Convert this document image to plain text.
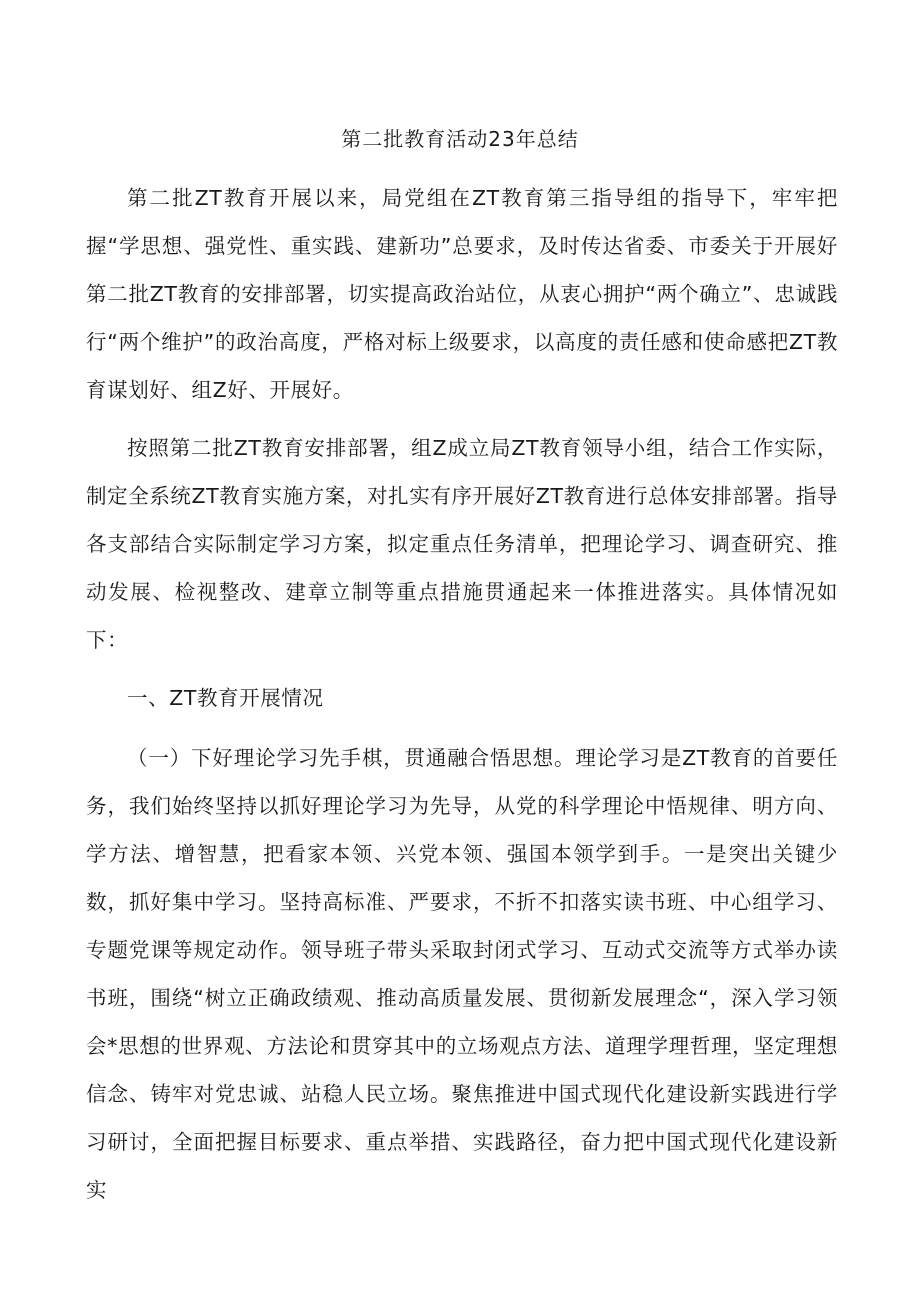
第二批教育活动23年总结

第二批ZT教育开展以来，局党组在ZT教育第三指导组的指导下，牢牢把握“学思想、强党性、重实践、建新功”总要求，及时传达省委、市委关于开展好第二批ZT教育的安排部署，切实提高政治站位，从衷心拥护“两个确立”、忠诚践行“两个维护”的政治高度，严格对标上级要求，以高度的责任感和使命感把ZT教育谋划好、组Z好、开展好。

按照第二批ZT教育安排部署，组Z成立局ZT教育领导小组，结合工作实际，制定全系统ZT教育实施方案，对扎实有序开展好ZT教育进行总体安排部署。指导各支部结合实际制定学习方案，拟定重点任务清单，把理论学习、调查研究、推动发展、检视整改、建章立制等重点措施贯通起来一体推进落实。具体情况如下：

一、ZT教育开展情况

（一）下好理论学习先手棋，贯通融合悟思想。理论学习是ZT教育的首要任务，我们始终坚持以抓好理论学习为先导，从党的科学理论中悟规律、明方向、学方法、增智慧，把看家本领、兴党本领、强国本领学到手。一是突出关键少数，抓好集中学习。坚持高标准、严要求，不折不扣落实读书班、中心组学习、专题党课等规定动作。领导班子带头采取封闭式学习、互动式交流等方式举办读书班，围绕“树立正确政绩观、推动高质量发展、贯彻新发展理念“，深入学习领会*思想的世界观、方法论和贯穿其中的立场观点方法、道理学理哲理，坚定理想信念、铸牢对党忠诚、站稳人民立场。聚焦推进中国式现代化建设新实践进行学习研讨，全面把握目标要求、重点举措、实践路径，奋力把中国式现代化建设新实
